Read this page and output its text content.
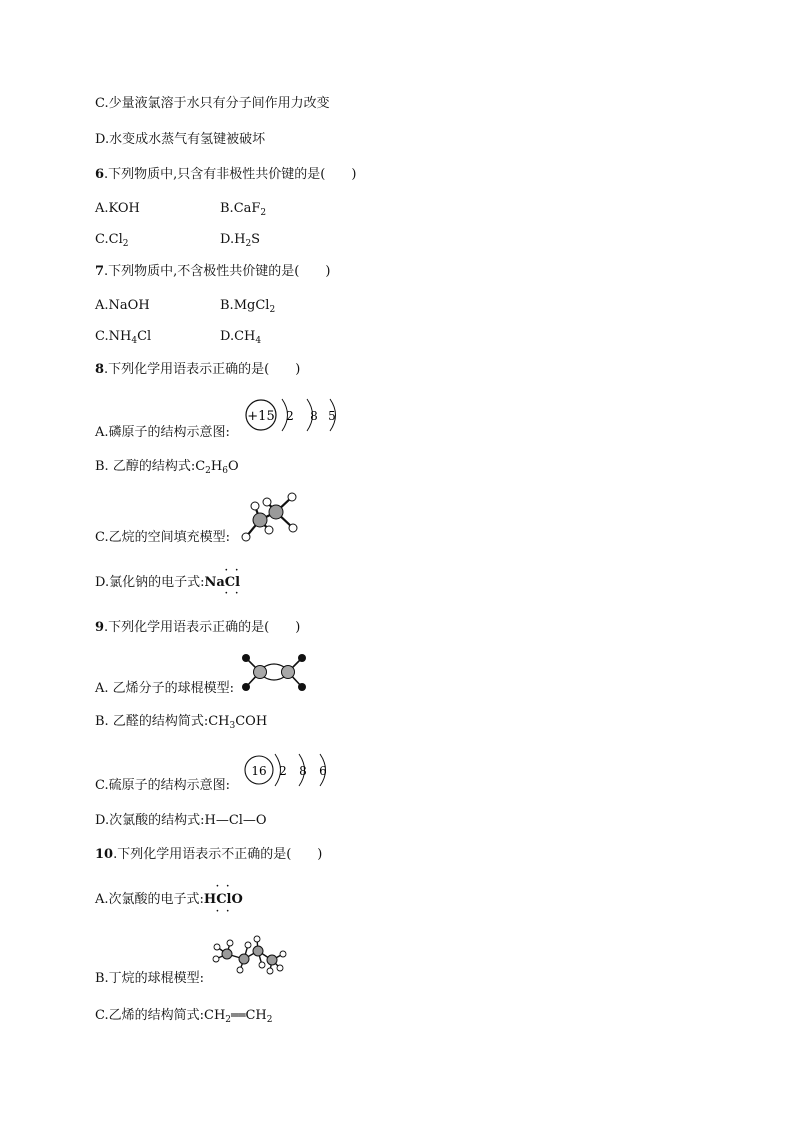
C.少量液氯溶于水只有分子间作用力改变
D.水变成水蒸气有氢键被破坏
6.下列物质中,只含有非极性共价键的是(　　)
A.KOH	B.CaF$_2$
$C.Cl_2$	$D.H_2S$
7.下列物质中,不含极性共价键的是(　　)
A.NaOH	B.MgCl$_2$
$C.NH_4Cl$	$D.CH_4$
8.下列化学用语表示正确的是(　　)
A.磷原子的结构示意图:
+15 2 8 5
B. 乙醇的结构式$:C_2H_6O$
C.乙烷的空间填充模型:
D.氯化钠的电子式:Na
· ·
Cl
· ·
9.下列化学用语表示正确的是(　　)
A. 乙烯分子的球棍模型:
B. 乙醛的结构简式$:CH_3COH$
C.硫原子的结构示意图:
16 2 8 6
D.次氯酸的结构式:H—Cl—O
10.下列化学用语表示不正确的是(　　)
A.次氯酸的电子式:
· ·
HClO
· ·
B.丁烷的球棍模型:
C.乙烯的结构简式$:CH_2══CH_2$
